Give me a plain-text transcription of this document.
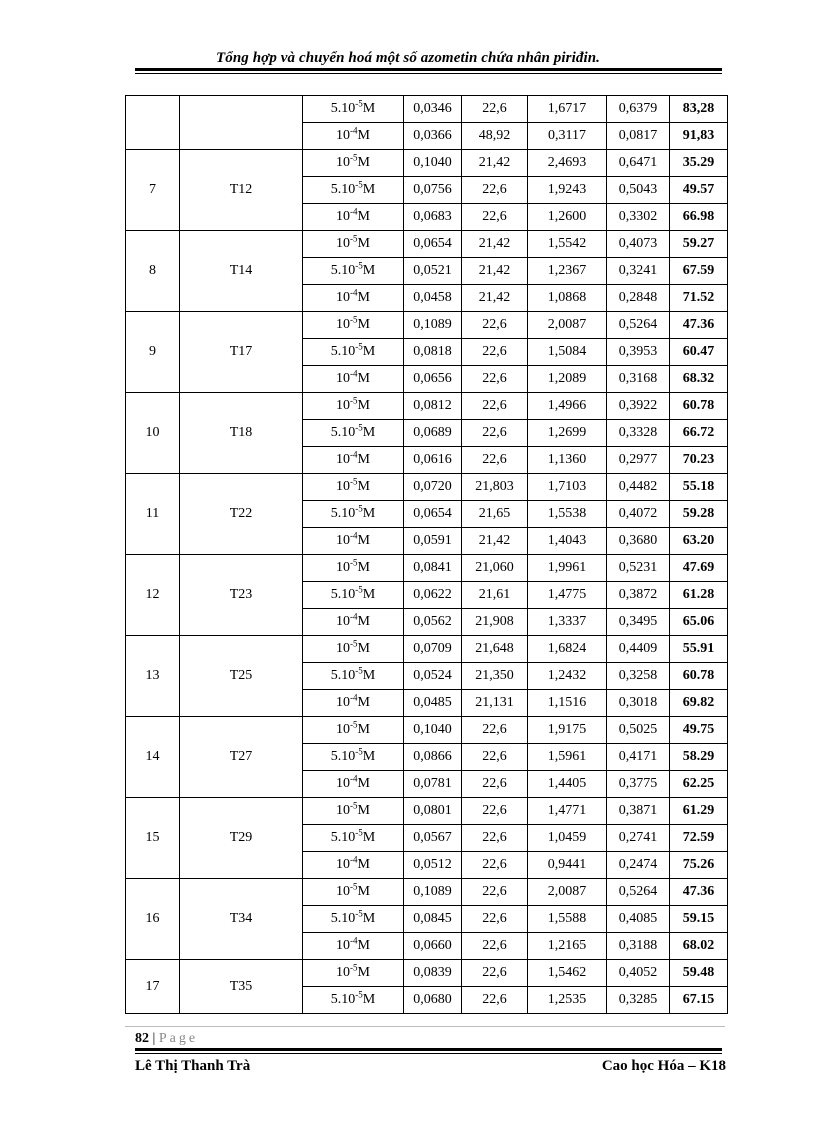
Tổng hợp và chuyển hoá một số azometin chứa nhân piriđin.
		$5.10^{-5}M$	0,0346	22,6	1,6717	0,6379	83,28
		$10^{-4}M$	0,0366	48,92	0,3117	0,0817	91,83
7	T12	$10^{-5}M$	0,1040	21,42	2,4693	0,6471	35.29
		$5.10^{-5}M$	0,0756	22,6	1,9243	0,5043	49.57
		$10^{-4}M$	0,0683	22,6	1,2600	0,3302	66.98
8	T14	$10^{-5}M$	0,0654	21,42	1,5542	0,4073	59.27
		$5.10^{-5}M$	0,0521	21,42	1,2367	0,3241	67.59
		$10^{-4}M$	0,0458	21,42	1,0868	0,2848	71.52
9	T17	$10^{-5}M$	0,1089	22,6	2,0087	0,5264	47.36
		$5.10^{-5}M$	0,0818	22,6	1,5084	0,3953	60.47
		$10^{-4}M$	0,0656	22,6	1,2089	0,3168	68.32
10	T18	$10^{-5}M$	0,0812	22,6	1,4966	0,3922	60.78
		$5.10^{-5}M$	0,0689	22,6	1,2699	0,3328	66.72
		$10^{-4}M$	0,0616	22,6	1,1360	0,2977	70.23
11	T22	$10^{-5}M$	0,0720	21,803	1,7103	0,4482	55.18
		$5.10^{-5}M$	0,0654	21,65	1,5538	0,4072	59.28
		$10^{-4}M$	0,0591	21,42	1,4043	0,3680	63.20
12	T23	$10^{-5}M$	0,0841	21,060	1,9961	0,5231	47.69
		$5.10^{-5}M$	0,0622	21,61	1,4775	0,3872	61.28
		$10^{-4}M$	0,0562	21,908	1,3337	0,3495	65.06
13	T25	$10^{-5}M$	0,0709	21,648	1,6824	0,4409	55.91
		$5.10^{-5}M$	0,0524	21,350	1,2432	0,3258	60.78
		$10^{-4}M$	0,0485	21,131	1,1516	0,3018	69.82
14	T27	$10^{-5}M$	0,1040	22,6	1,9175	0,5025	49.75
		$5.10^{-5}M$	0,0866	22,6	1,5961	0,4171	58.29
		$10^{-4}M$	0,0781	22,6	1,4405	0,3775	62.25
15	T29	$10^{-5}M$	0,0801	22,6	1,4771	0,3871	61.29
		$5.10^{-5}M$	0,0567	22,6	1,0459	0,2741	72.59
		$10^{-4}M$	0,0512	22,6	0,9441	0,2474	75.26
16	T34	$10^{-5}M$	0,1089	22,6	2,0087	0,5264	47.36
		$5.10^{-5}M$	0,0845	22,6	1,5588	0,4085	59.15
		$10^{-4}M$	0,0660	22,6	1,2165	0,3188	68.02
17	T35	$10^{-5}M$	0,0839	22,6	1,5462	0,4052	59.48
		$5.10^{-5}M$	0,0680	22,6	1,2535	0,3285	67.15
82 | Page
Lê Thị Thanh Trà	Cao học Hóa – K18
